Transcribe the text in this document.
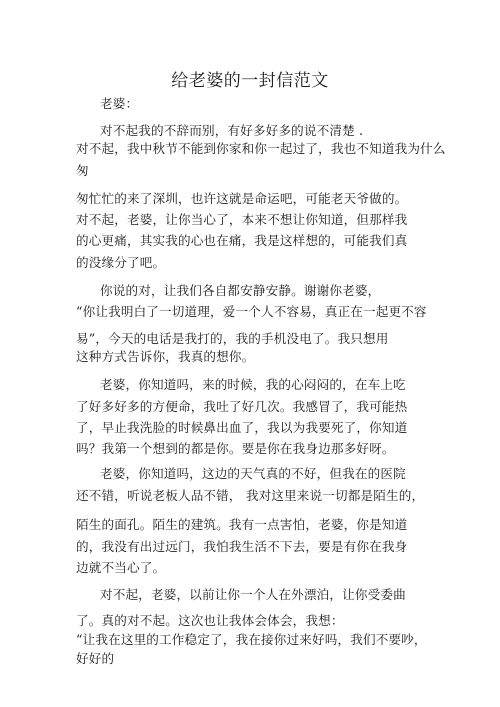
给老婆的一封信范文
老婆：
对不起我的不辞而别，有好多好多的说不清楚 .
对不起，我中秋节不能到你家和你一起过了，我也不知道我为什么
匆
匆忙忙的来了深圳，也许这就是命运吧，可能老天爷做的。
对不起，老婆，让你当心了，本来不想让你知道，但那样我
的心更痛，其实我的心也在痛，我是这样想的，可能我们真
的没缘分了吧。
你说的对，让我们各自都安静安静。谢谢你老婆，
“你让我明白了一切道理，爱一个人不容易，真正在一起更不容
易”，今天的电话是我打的，我的手机没电了。我只想用
这种方式告诉你，我真的想你。
老婆，你知道吗，来的时候，我的心闷闷的，在车上吃
了好多好多的方便命，我吐了好几次。我感冒了，我可能热
了，早止我洗脸的时候鼻出血了，我以为我要死了，你知道
吗？我第一个想到的都是你。要是你在我身边那多好呀。
老婆，你知道吗，这边的天气真的不好，但我在的医院
还不错，听说老板人品不错， 我对这里来说一切都是陌生的，
陌生的面孔。陌生的建筑。我有一点害怕，老婆，你是知道
的，我没有出过远门，我怕我生活不下去，要是有你在我身
边就不当心了。
对不起，老婆，以前让你一个人在外漂泊，让你受委曲
了。真的对不起。这次也让我体会体会，我想：
“让我在这里的工作稳定了，我在接你过来好吗，我们不要吵，
好好的
